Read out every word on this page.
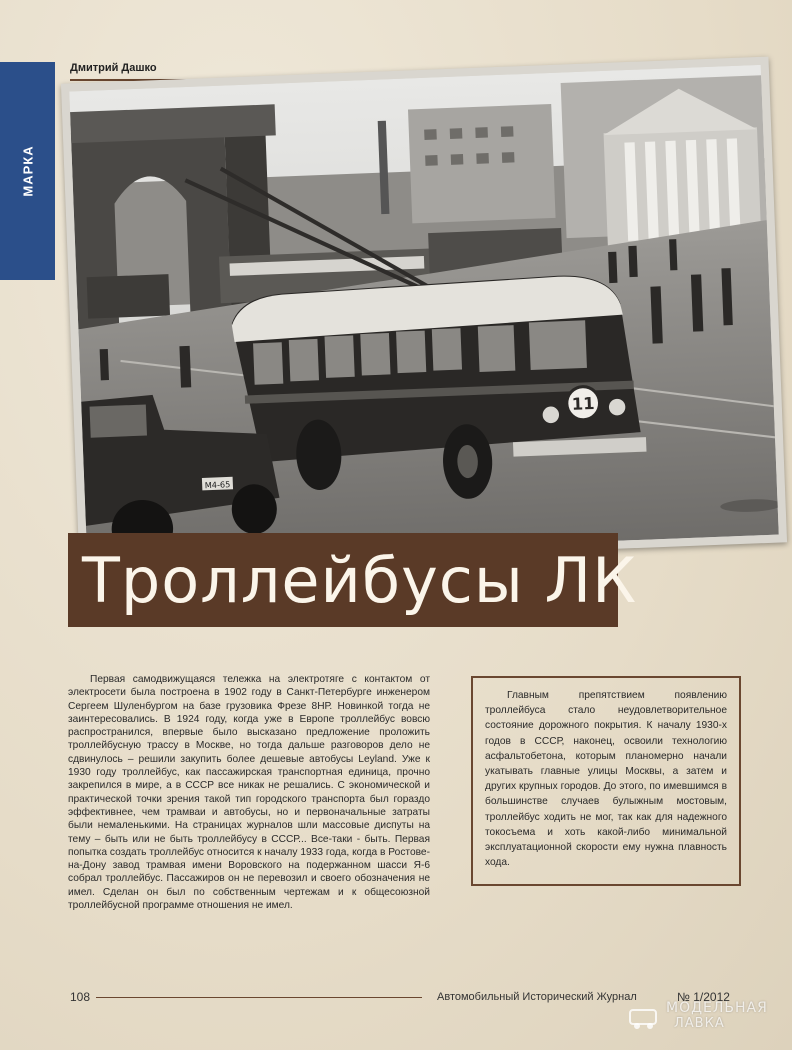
МАРКА
Дмитрий Дашко
11
М4-65
Троллейбусы ЛК

Первая самодвижущаяся тележка на электротяге с контактом от электросети была построена в 1902 году в Санкт-Петербурге инженером Сергеем Шуленбургом на базе грузовика Фрезе 8НР. Новинкой тогда не заинтересовались. В 1924 году, когда уже в Европе троллейбус вовсю распространился, впервые было высказано предложение проложить троллейбусную трассу в Москве, но тогда дальше разговоров дело не сдвинулось – решили закупить более дешевые автобусы Leyland. Уже к 1930 году троллейбус, как пассажирская транспортная единица, прочно закрепился в мире, а в СССР все никак не решались. С экономической и практической точки зрения такой тип городского транспорта был гораздо эффективнее, чем трамваи и автобусы, но и первоначальные затраты были немаленькими. На страницах журналов шли массовые диспуты на тему – быть или не быть троллейбусу в СССР... Все-таки - быть. Первая попытка создать троллейбус относится к началу 1933 года, когда в Ростове-на-Дону завод трамвая имени Воровского на подержанном шасси Я-6 собрал троллейбус. Пассажиров он не перевозил и своего обозначения не имел. Сделан он был по собственным чертежам и к общесоюзной троллейбусной программе отношения не имел.

Главным препятствием появлению троллейбуса стало неудовлетворительное состояние дорожного покрытия. К началу 1930-х годов в СССР, наконец, освоили технологию асфальтобетона, которым планомерно начали укатывать главные улицы Москвы, а затем и других крупных городов. До этого, по имевшимся в большинстве случаев булыжным мостовым, троллейбус ходить не мог, так как для надежного токосъема и хоть какой-либо минимальной эксплуатационной скорости ему нужна плавность хода.

108	Автомобильный Исторический Журнал	№ 1/2012
МОДЕЛЬНАЯ
ЛАВКА
